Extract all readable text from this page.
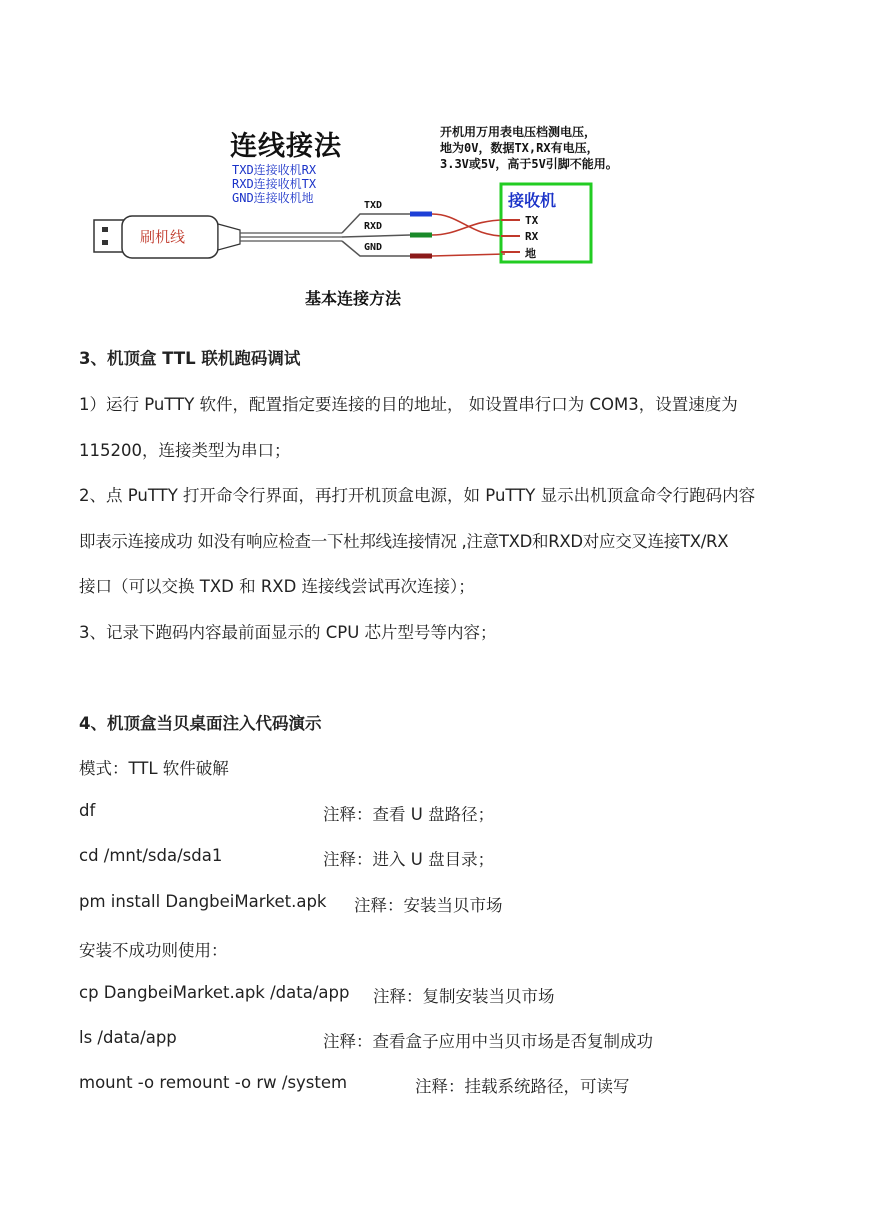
连线接法
TXD连接收机RX
RXD连接收机TX
GND连接收机地
开机用万用表电压档测电压，
地为0V，数据TX,RX有电压，
3.3V或5V，高于5V引脚不能用。
刷机线
TXD
RXD
GND
接收机
TX
RX
地
基本连接方法
3、机顶盒 TTL 联机跑码调试
1）运行 PuTTY 软件，配置指定要连接的目的地址， 如设置串行口为 COM3，设置速度为
115200，连接类型为串口；
2、点 PuTTY 打开命令行界面，再打开机顶盒电源，如 PuTTY 显示出机顶盒命令行跑码内容
即表示连接成功 如没有响应检查一下杜邦线连接情况 ,注意TXD和RXD对应交叉连接TX/RX
接口（可以交换 TXD 和 RXD 连接线尝试再次连接）；
3、记录下跑码内容最前面显示的 CPU 芯片型号等内容；
4、机顶盒当贝桌面注入代码演示
模式：TTL 软件破解
df	注释：查看 U 盘路径；
cd /mnt/sda/sda1	注释：进入 U 盘目录；
pm install DangbeiMarket.apk 注释：安装当贝市场
安装不成功则使用：
cp DangbeiMarket.apk /data/app 注释：复制安装当贝市场
ls /data/app	注释：查看盒子应用中当贝市场是否复制成功
mount -o remount -o rw /system	注释：挂载系统路径，可读写
